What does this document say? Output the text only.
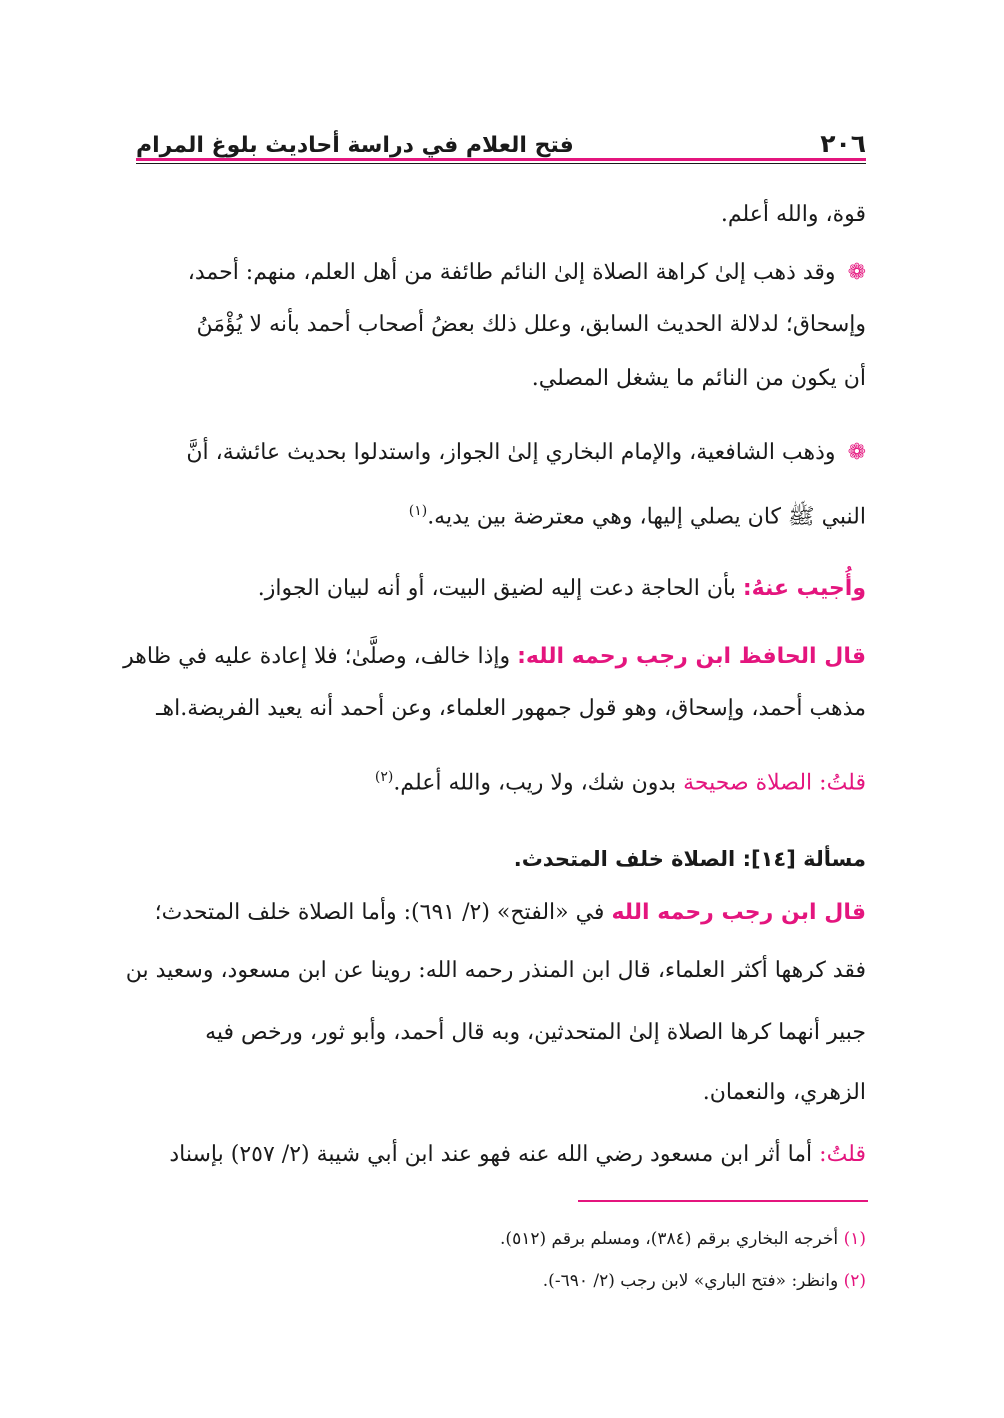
٢٠٦
فتح العلام في دراسة أحاديث بلوغ المرام
قوة، والله أعلم.
❁وقد ذهب إلىٰ كراهة الصلاة إلىٰ النائم طائفة من أهل العلم، منهم: أحمد،
وإسحاق؛ لدلالة الحديث السابق، وعلل ذلك بعضُ أصحاب أحمد بأنه لا يُؤْمَنُ
أن يكون من النائم ما يشغل المصلي.
❁وذهب الشافعية، والإمام البخاري إلىٰ الجواز، واستدلوا بحديث عائشة، أنَّ
النبي ﷺ كان يصلي إليها، وهي معترضة بين يديه.$^{(١)}$
وأُجيب عنهُ: بأن الحاجة دعت إليه لضيق البيت، أو أنه لبيان الجواز.
قال الحافظ ابن رجب رحمه الله: وإذا خالف، وصلَّىٰ؛ فلا إعادة عليه في ظاهر
مذهب أحمد، وإسحاق، وهو قول جمهور العلماء، وعن أحمد أنه يعيد الفريضة.اهـ
قلتُ: الصلاة صحيحة بدون شك، ولا ريب، والله أعلم.$^{(٢)}$
مسألة [١٤]: الصلاة خلف المتحدث.
قال ابن رجب رحمه الله في «الفتح» (٢/ ٦٩١): وأما الصلاة خلف المتحدث؛
فقد كرهها أكثر العلماء، قال ابن المنذر رحمه الله: روينا عن ابن مسعود، وسعيد بن
جبير أنهما كرها الصلاة إلىٰ المتحدثين، وبه قال أحمد، وأبو ثور، ورخص فيه
الزهري، والنعمان.
قلتُ: أما أثر ابن مسعود رضي الله عنه فهو عند ابن أبي شيبة (٢/ ٢٥٧) بإسناد
(١) أخرجه البخاري برقم (٣٨٤)، ومسلم برقم (٥١٢).
(٢) وانظر: «فتح الباري» لابن رجب (٢/ ٦٩٠-).
